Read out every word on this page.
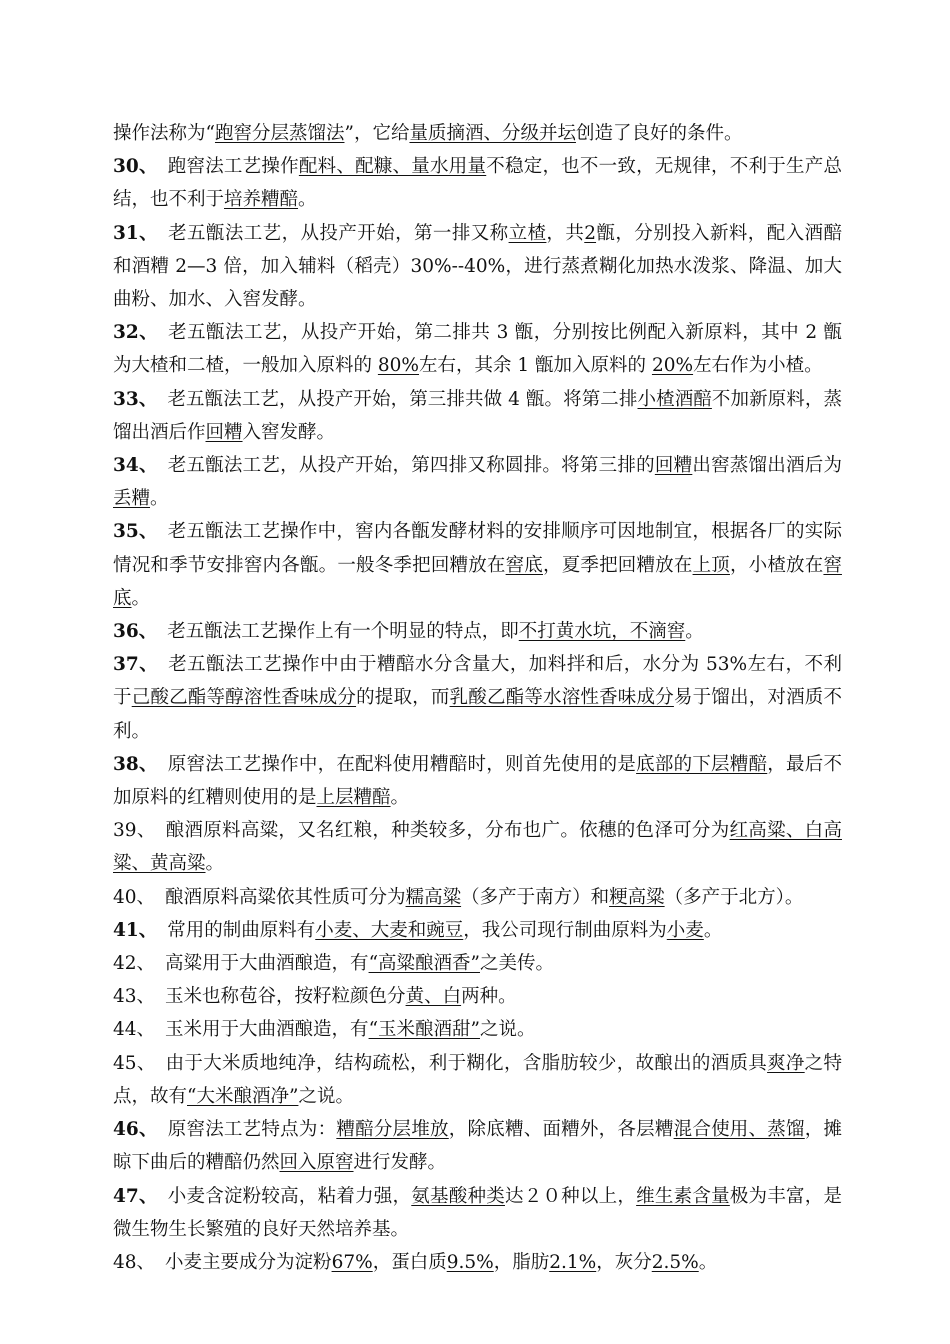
操作法称为“跑窖分层蒸馏法”，它给量质摘酒、分级并坛创造了良好的条件。

30、 跑窖法工艺操作配料、配糠、量水用量不稳定，也不一致，无规律，不利于生产总结，也不利于培养糟醅。

31、 老五甑法工艺，从投产开始，第一排又称立楂，共2甑，分别投入新料，配入酒醅和酒糟 2—3 倍，加入辅料（稻壳）30%--40%，进行蒸煮糊化加热水泼浆、降温、加大曲粉、加水、入窖发酵。

32、 老五甑法工艺，从投产开始，第二排共 3 甑，分别按比例配入新原料，其中 2 甑为大楂和二楂，一般加入原料的 80%左右，其余 1 甑加入原料的 20%左右作为小楂。

33、 老五甑法工艺，从投产开始，第三排共做 4 甑。将第二排小楂酒醅不加新原料，蒸馏出酒后作回糟入窖发酵。

34、 老五甑法工艺，从投产开始，第四排又称圆排。将第三排的回糟出窖蒸馏出酒后为丢糟。

35、 老五甑法工艺操作中，窖内各甑发酵材料的安排顺序可因地制宜，根据各厂的实际情况和季节安排窖内各甑。一般冬季把回糟放在窖底，夏季把回糟放在上顶，小楂放在窖底。

36、 老五甑法工艺操作上有一个明显的特点，即不打黄水坑，不滴窖。

37、 老五甑法工艺操作中由于糟醅水分含量大，加料拌和后，水分为 53%左右，不利于己酸乙酯等醇溶性香味成分的提取，而乳酸乙酯等水溶性香味成分易于馏出，对酒质不利。

38、 原窖法工艺操作中，在配料使用糟醅时，则首先使用的是底部的下层糟醅，最后不加原料的红糟则使用的是上层糟醅。

39、 酿酒原料高粱，又名红粮，种类较多，分布也广。依穗的色泽可分为红高粱、白高粱、黄高粱。

40、 酿酒原料高粱依其性质可分为糯高粱（多产于南方）和粳高粱（多产于北方）。

41、 常用的制曲原料有小麦、大麦和豌豆，我公司现行制曲原料为小麦。

42、 高粱用于大曲酒酿造，有“高粱酿酒香”之美传。

43、 玉米也称苞谷，按籽粒颜色分黄、白两种。

44、 玉米用于大曲酒酿造，有“玉米酿酒甜”之说。

45、 由于大米质地纯净，结构疏松，利于糊化，含脂肪较少，故酿出的酒质具爽净之特点，故有“大米酿酒净”之说。

46、 原窖法工艺特点为：糟醅分层堆放，除底糟、面糟外，各层糟混合使用、蒸馏，摊晾下曲后的糟醅仍然回入原窖进行发酵。

47、 小麦含淀粉较高，粘着力强，氨基酸种类达２０种以上，维生素含量极为丰富，是微生物生长繁殖的良好天然培养基。

48、 小麦主要成分为淀粉67%，蛋白质9.5%，脂肪2.1%，灰分2.5%。
